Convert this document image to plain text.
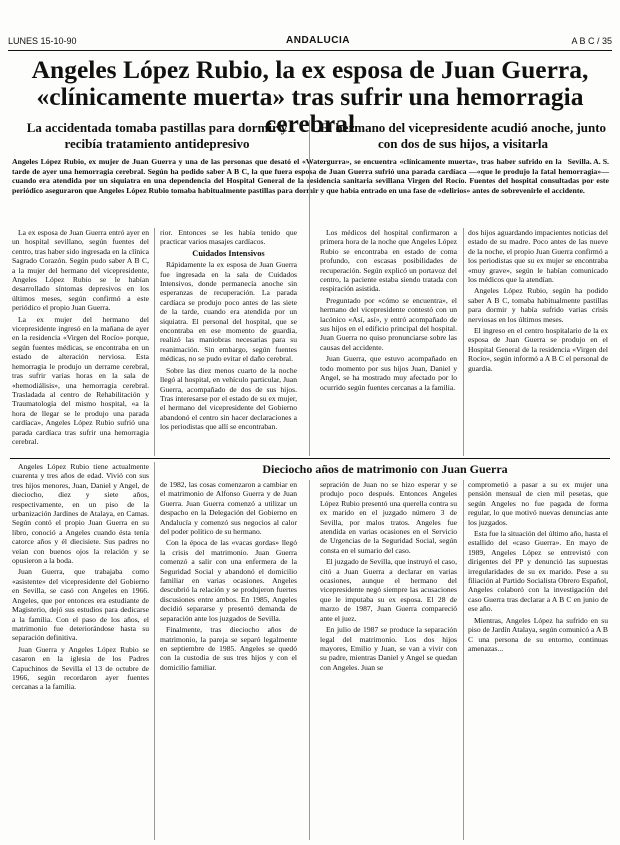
LUNES 15-10-90	ANDALUCIA	A B C / 35
Angeles López Rubio, la ex esposa de Juan Guerra, «clínicamente muerta» tras sufrir una hemorragia cerebral
La accidentada tomaba pastillas para dormir y recibía tratamiento antidepresivo
El hermano del vicepresidente acudió anoche, junto con dos de sus hijos, a visitarla
Sevilla. A. S.
Angeles López Rubio, ex mujer de Juan Guerra y una de las personas que desató el «Watergurra», se encuentra «clínicamente muerta», tras haber sufrido en la tarde de ayer una hemorragia cerebral. Según ha podido saber A B C, la que fuera esposa de Juan Guerra sufrió una parada cardíaca —«que le produjo la fatal hemorragia»— cuando era atendida por un siquiatra en una dependencia del Hospital General de la residencia sanitaria sevillana Virgen del Rocío. Fuentes del hospital consultadas por este periódico aseguraron que Angeles López Rubio tomaba habitualmente pastillas para dormir y que había entrado en una fase de «delirios» antes de sobrevenirle el accidente.

La ex esposa de Juan Guerra entró ayer en un hospital sevillano, según fuentes del centro, tras haber sido ingresada en la clínica Sagrado Corazón. Según pudo saber A B C, a la mujer del hermano del vicepresidente, Angeles López Rubio se le habían desarrollado síntomas depresivos en los últimos meses, según confirmó a este periódico el propio Juan Guerra.

La ex mujer del hermano del vicepresidente ingresó en la mañana de ayer en la residencia «Virgen del Rocío» porque, según fuentes médicas, se encontraba en un estado de alteración nerviosa. Esta hemorragia le produjo un derrame cerebral, tras sufrir varias horas en la sala de «hemodiálisis», una hemorragia cerebral. Trasladada al centro de Rehabilitación y Traumatología del mismo hospital, «a la hora de llegar se le produjo una parada cardíaca», Angeles López Rubio sufrió una parada cardíaca tras sufrir una hemorragia cerebral.

rior. Entonces se les había tenido que practicar varios masajes cardíacos.

Cuidados Intensivos

Rápidamente la ex esposa de Juan Guerra fue ingresada en la sala de Cuidados Intensivos, donde permanecía anoche sin esperanzas de recuperación. La parada cardíaca se produjo poco antes de las siete de la tarde, cuando era atendida por un siquiatra. El personal del hospital, que se encontraba en ese momento de guardia, realizó las maniobras necesarias para su reanimación. Sin embargo, según fuentes médicas, no se pudo evitar el daño cerebral.

Sobre las diez menos cuarto de la noche llegó al hospital, en vehículo particular, Juan Guerra, acompañado de dos de sus hijos. Tras interesarse por el estado de su ex mujer, el hermano del vicepresidente del Gobierno abandonó el centro sin hacer declaraciones a los periodistas que allí se encontraban.

Los médicos del hospital confirmaron a primera hora de la noche que Angeles López Rubio se encontraba en estado de coma profundo, con escasas posibilidades de recuperación. Según explicó un portavoz del centro, la paciente estaba siendo tratada con respiración asistida.

Preguntado por «cómo se encuentra», el hermano del vicepresidente contestó con un lacónico «Así, así», y entró acompañado de sus hijos en el edificio principal del hospital. Juan Guerra no quiso pronunciarse sobre las causas del accidente.

Juan Guerra, que estuvo acompañado en todo momento por sus hijos Juan, Daniel y Angel, se ha mostrado muy afectado por lo ocurrido según fuentes cercanas a la familia.

dos hijos aguardando impacientes noticias del estado de su madre. Poco antes de las nueve de la noche, el propio Juan Guerra confirmó a los periodistas que su ex mujer se encontraba «muy grave», según le habían comunicado los médicos que la atendían.

Angeles López Rubio, según ha podido saber A B C, tomaba habitualmente pastillas para dormir y había sufrido varias crisis nerviosas en los últimos meses.

El ingreso en el centro hospitalario de la ex esposa de Juan Guerra se produjo en el Hospital General de la residencia «Virgen del Rocío», según informó a A B C el personal de guardia.

Dieciocho años de matrimonio con Juan Guerra

Angeles López Rubio tiene actualmente cuarenta y tres años de edad. Vivió con sus tres hijos menores, Juan, Daniel y Angel, de dieciocho, diez y siete años, respectivamente, en un piso de la urbanización Jardines de Atalaya, en Camas. Según contó el propio Juan Guerra en su libro, conoció a Angeles cuando ésta tenía catorce años y él diecisiete. Sus padres no veían con buenos ojos la relación y se opusieron a la boda.

Juan Guerra, que trabajaba como «asistente» del vicepresidente del Gobierno en Sevilla, se casó con Angeles en 1966. Angeles, que por entonces era estudiante de Magisterio, dejó sus estudios para dedicarse a la familia. Con el paso de los años, el matrimonio fue deteriorándose hasta su separación definitiva.

Juan Guerra y Angeles López Rubio se casaron en la iglesia de los Padres Capuchinos de Sevilla el 13 de octubre de 1966, según recordaron ayer fuentes cercanas a la familia.

de 1982, las cosas comenzaron a cambiar en el matrimonio de Alfonso Guerra y de Juan Guerra. Juan Guerra comenzó a utilizar un despacho en la Delegación del Gobierno en Andalucía y comenzó sus negocios al calor del poder político de su hermano.

Con la época de las «vacas gordas» llegó la crisis del matrimonio. Juan Guerra comenzó a salir con una enfermera de la Seguridad Social y abandonó el domicilio familiar en varias ocasiones. Angeles descubrió la relación y se produjeron fuertes discusiones entre ambos. En 1985, Angeles decidió separarse y presentó demanda de separación ante los juzgados de Sevilla.

Finalmente, tras dieciocho años de matrimonio, la pareja se separó legalmente en septiembre de 1985. Angeles se quedó con la custodia de sus tres hijos y con el domicilio familiar.

sepración de Juan no se hizo esperar y se produjo poco después. Entonces Angeles López Rubio presentó una querella contra su ex marido en el juzgado número 3 de Sevilla, por malos tratos. Angeles fue atendida en varias ocasiones en el Servicio de Urgencias de la Seguridad Social, según consta en el sumario del caso.

El juzgado de Sevilla, que instruyó el caso, citó a Juan Guerra a declarar en varias ocasiones, aunque el hermano del vicepresidente negó siempre las acusaciones que le imputaba su ex esposa. El 28 de marzo de 1987, Juan Guerra compareció ante el juez.

En julio de 1987 se produce la separación legal del matrimonio. Los dos hijos mayores, Emilio y Juan, se van a vivir con su padre, mientras Daniel y Angel se quedan con Angeles. Juan se

comprometió a pasar a su ex mujer una pensión mensual de cien mil pesetas, que según Angeles no fue pagada de forma regular, lo que motivó nuevas denuncias ante los juzgados.

Esta fue la situación del último año, hasta el estallido del «caso Guerra». En mayo de 1989, Angeles López se entrevistó con dirigentes del PP y denunció las supuestas irregularidades de su ex marido. Pese a su filiación al Partido Socialista Obrero Español, Angeles colaboró con la investigación del caso Guerra tras declarar a A B C en junio de ese año.

Mientras, Angeles López ha sufrido en su piso de Jardín Atalaya, según comunicó a A B C una persona de su entorno, continuas amenazas...
